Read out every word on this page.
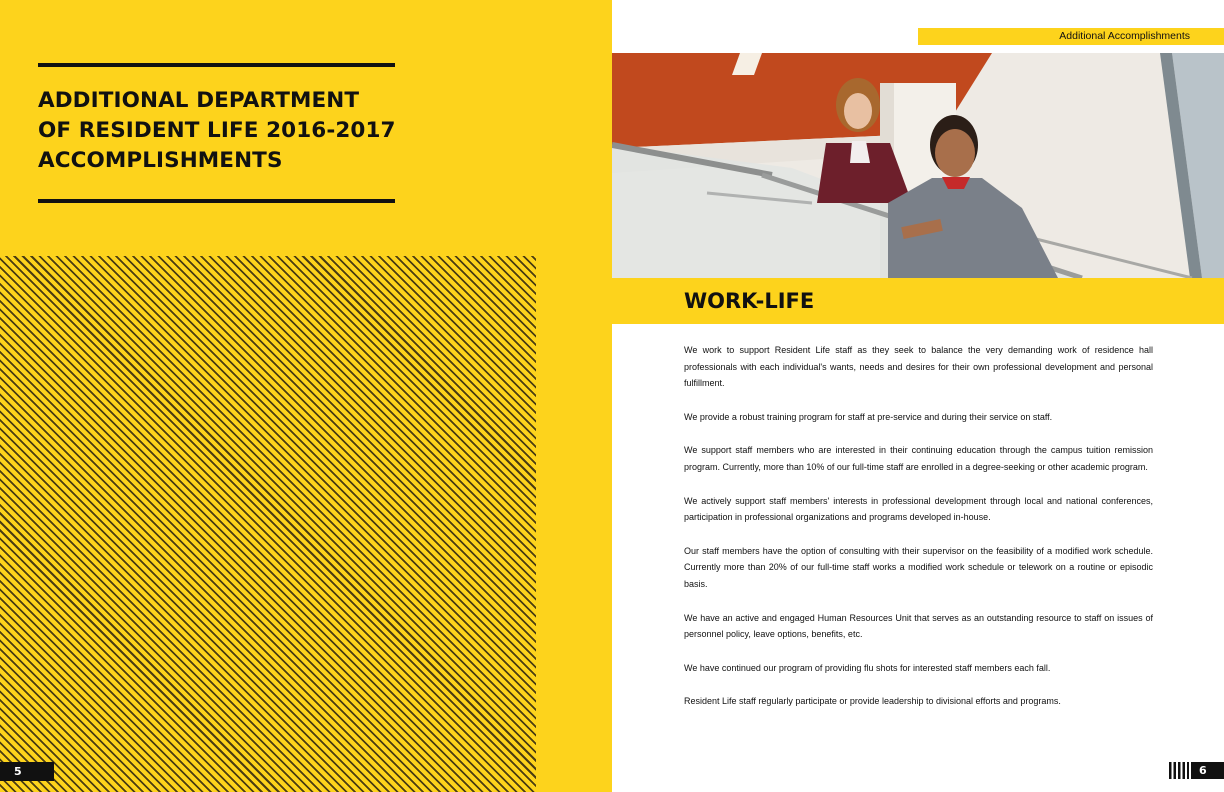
ADDITIONAL DEPARTMENT
OF RESIDENT LIFE 2016-2017
ACCOMPLISHMENTS
5
Additional Accomplishments
WORK-LIFE

We work to support Resident Life staff as they seek to balance the very demanding work of residence hall professionals with each individual's wants, needs and desires for their own professional development and personal fulfillment.

We provide a robust training program for staff at pre-service and during their service on staff.

We support staff members who are interested in their continuing education through the campus tuition remission program. Currently, more than 10% of our full-time staff are enrolled in a degree-seeking or other academic program.

We actively support staff members' interests in professional development through local and national conferences, participation in professional organizations and programs developed in-house.

Our staff members have the option of consulting with their supervisor on the feasibility of a modified work schedule. Currently more than 20% of our full-time staff works a modified work schedule or telework on a routine or episodic basis.

We have an active and engaged Human Resources Unit that serves as an outstanding resource to staff on issues of personnel policy, leave options, benefits, etc.

We have continued our program of providing flu shots for interested staff members each fall.

Resident Life staff regularly participate or provide leadership to divisional efforts and programs.

6
